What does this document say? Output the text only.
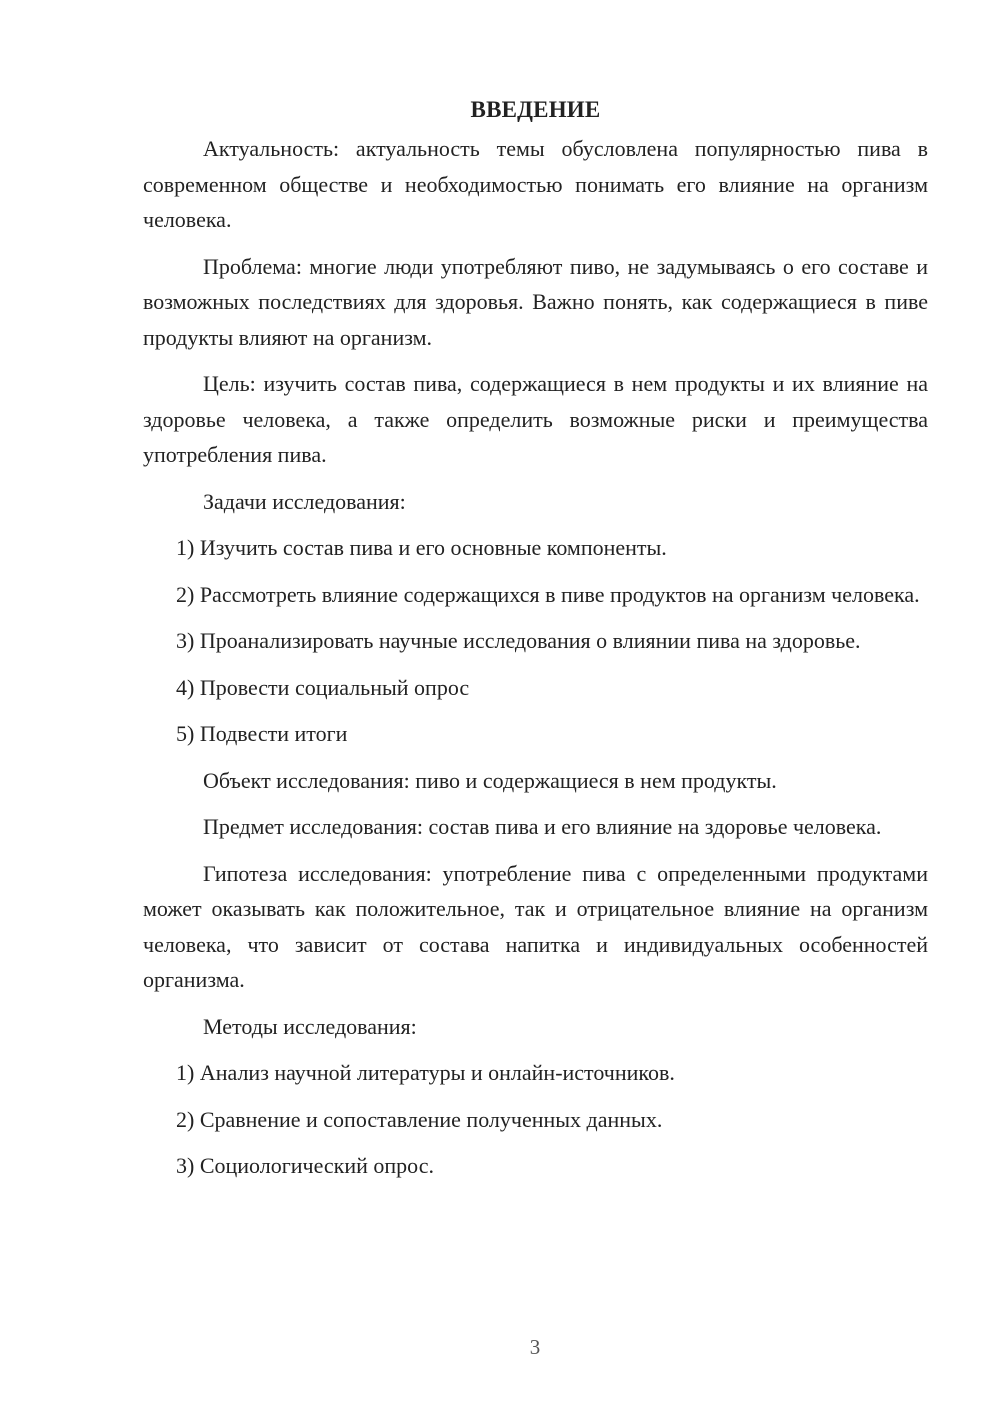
ВВЕДЕНИЕ

Актуальность: актуальность темы обусловлена популярностью пива в современном обществе и необходимостью понимать его влияние на организм человека.

Проблема: многие люди употребляют пиво, не задумываясь о его составе и возможных последствиях для здоровья. Важно понять, как содержащиеся в пиве продукты влияют на организм.

Цель: изучить состав пива, содержащиеся в нем продукты и их влияние на здоровье человека, а также определить возможные риски и преимущества употребления пива.

Задачи исследования:

1) Изучить состав пива и его основные компоненты.

2) Рассмотреть влияние содержащихся в пиве продуктов на организм человека.

3) Проанализировать научные исследования о влиянии пива на здоровье.

4) Провести социальный опрос

5) Подвести итоги

Объект исследования: пиво и содержащиеся в нем продукты.

Предмет исследования: состав пива и его влияние на здоровье человека.

Гипотеза исследования: употребление пива с определенными продуктами может оказывать как положительное, так и отрицательное влияние на организм человека, что зависит от состава напитка и индивидуальных особенностей организма.

Методы исследования:

1) Анализ научной литературы и онлайн-источников.

2) Сравнение и сопоставление полученных данных.

3) Социологический опрос.

3
